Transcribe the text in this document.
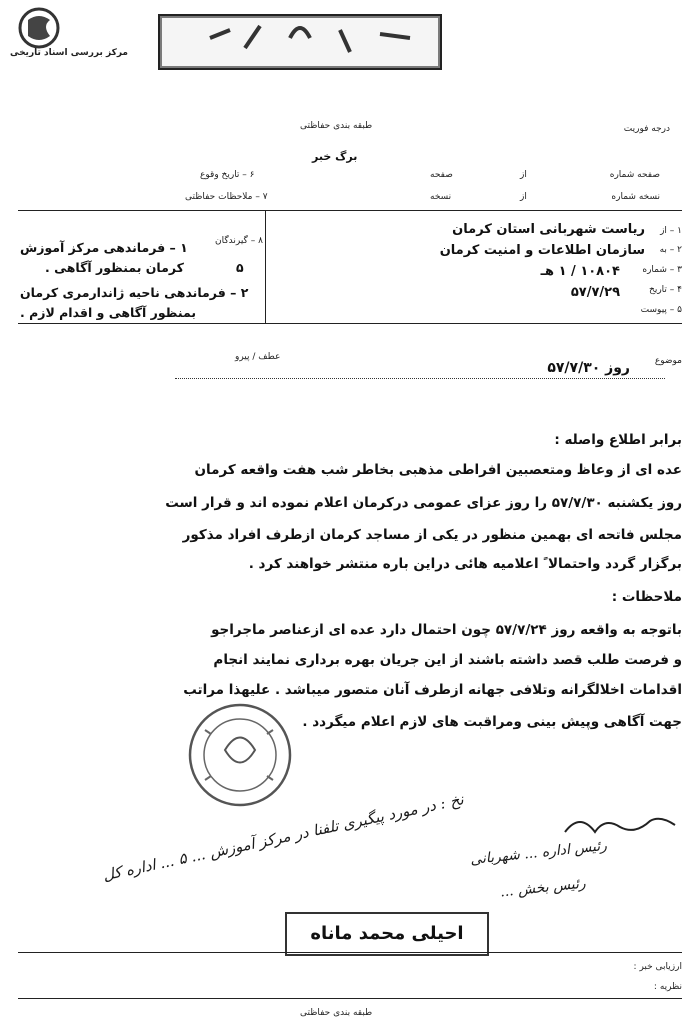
مرکز بررسی اسناد تاریخی
طبقه بندی حفاظتی	درجه فوریت
برگ خبر
صفحه شماره
از
صفحه
نسخه شماره
از
نسخه
۶ – تاریخ وقوع
۷ – ملاحظات حفاظتی
۱ – از
۲ – به
۳ – شماره
۴ – تاریخ
۵ – پیوست
ریاست شهربانی استان کرمان
سازمان اطلاعات و امنیت کرمان
۱۰۸۰۴ / ۱ هـ
۵۷/۷/۲۹
۸ – گیرندگان
۱ – فرماندهی مرکز آموزش
کرمان بمنظور آگاهی .	۵
۲ – فرماندهی ناحیه ژاندارمری کرمان
بمنظور آگاهی و اقدام لازم .
موضوع
روز ۵۷/۷/۳۰
عطف / پیرو
برابر اطلاع واصله :
عده ای از وعاظ ومتعصبین افراطی مذهبی بخاطر شب هفت واقعه کرمان
روز یکشنبه ۵۷/۷/۳۰ را روز عزای عمومی درکرمان اعلام نموده اند و قرار است
مجلس فاتحه ای بهمین منظور در یکی از مساجد کرمان ازطرف افراد مذکور
برگزار گردد واحتمالا ً اعلامیه هائی دراین باره منتشر خواهند کرد .
ملاحظات :
باتوجه به واقعه روز ۵۷/۷/۲۴ چون احتمال دارد عده ای ازعناصر ماجراجو
و فرصت طلب قصد داشته باشند از این جریان بهره برداری نمایند انجام
اقدامات اخلالگرانه وتلافی جهانه ازطرف آنان متصور میباشد . علیهذا مراتب
جهت آگاهی وپیش بینی ومراقبت های لازم اعلام میگردد .
نخ : در مورد پیگیری تلفنا در مرکز آموزش ... ۵ ... اداره کل رئیس اداره ... شهربانی
رئیس بخش ...
احیلی محمد ماناه
ارزیابی خبر :
نظریه :
طبقه بندی حفاظتی
